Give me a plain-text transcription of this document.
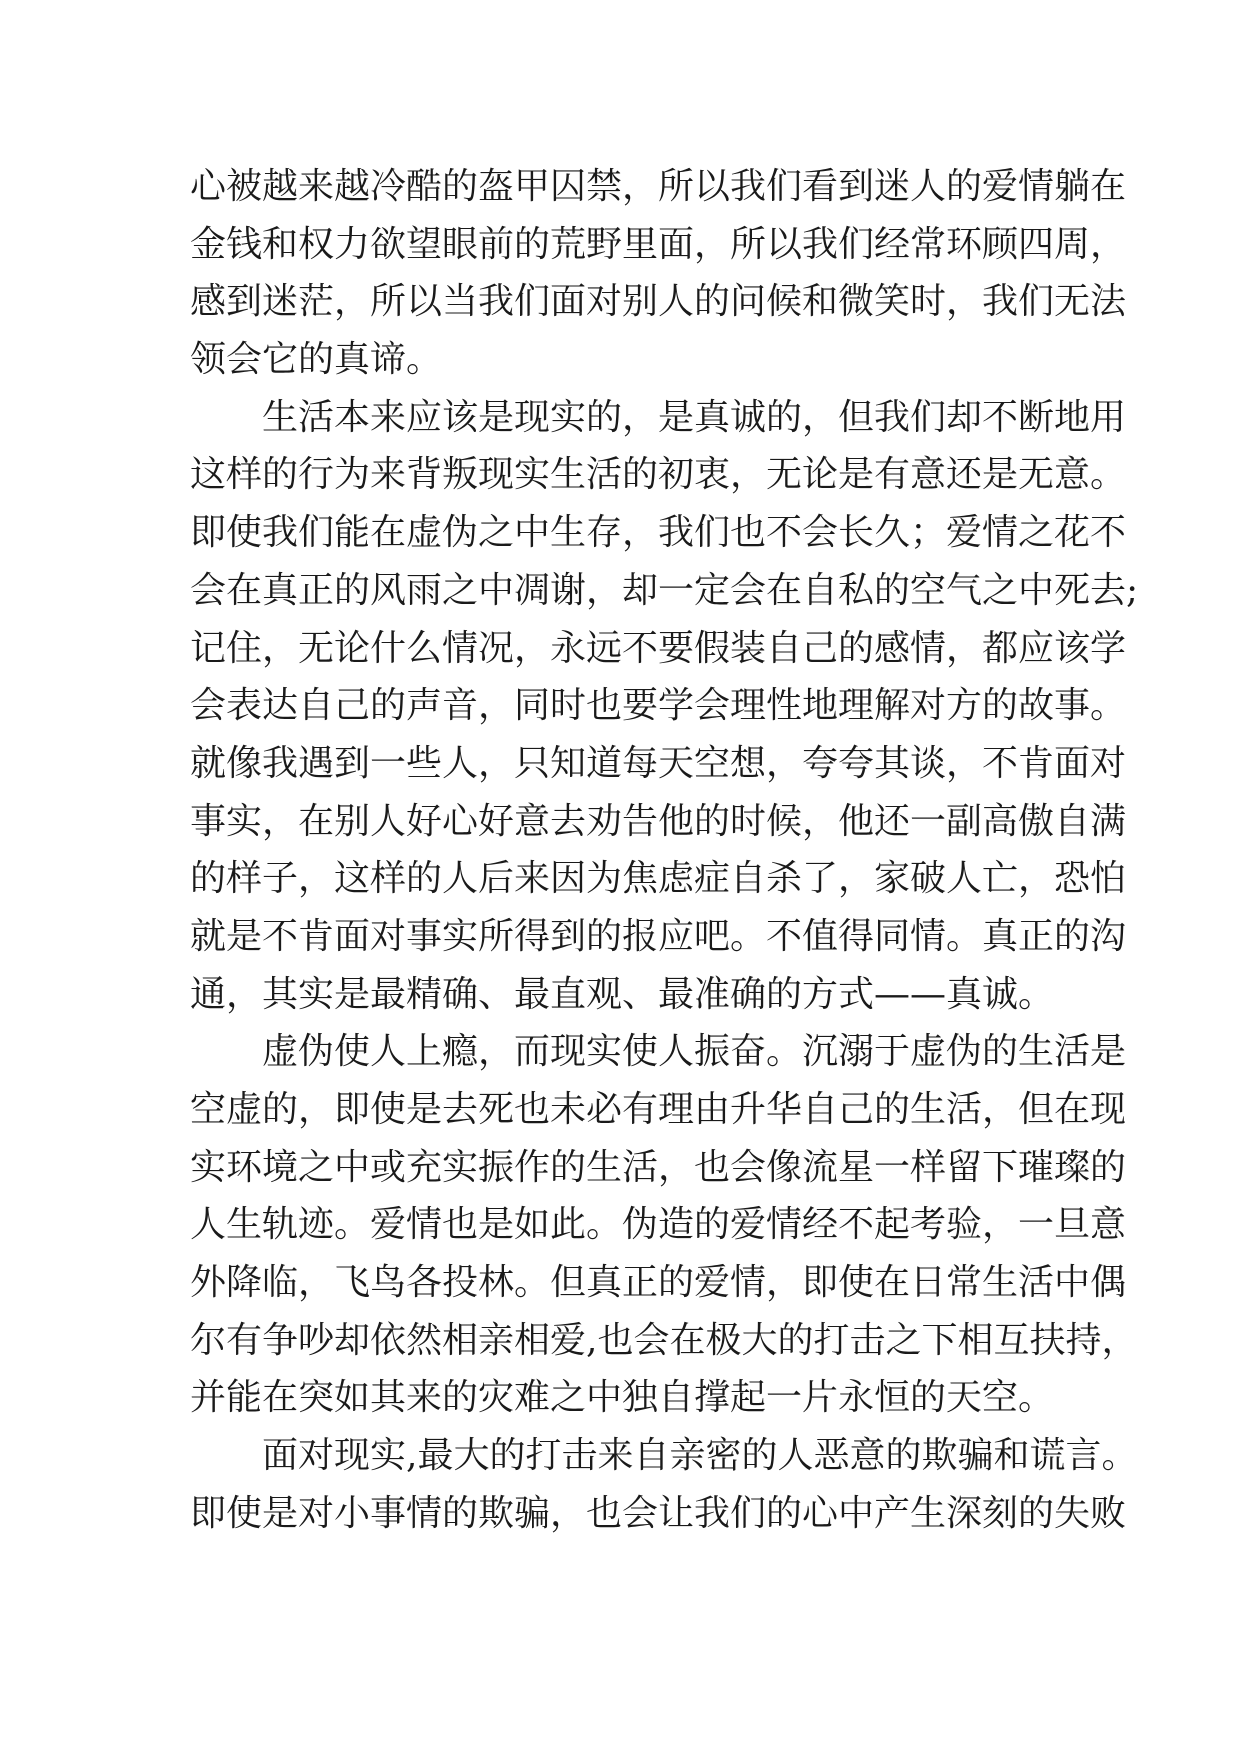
心被越来越冷酷的盔甲囚禁，所以我们看到迷人的爱情躺在
金钱和权力欲望眼前的荒野里面，所以我们经常环顾四周，
感到迷茫，所以当我们面对别人的问候和微笑时，我们无法
领会它的真谛。
生活本来应该是现实的，是真诚的，但我们却不断地用
这样的行为来背叛现实生活的初衷，无论是有意还是无意。
即使我们能在虚伪之中生存，我们也不会长久；爱情之花不
会在真正的风雨之中凋谢，却一定会在自私的空气之中死去;
记住，无论什么情况，永远不要假装自己的感情，都应该学
会表达自己的声音，同时也要学会理性地理解对方的故事。
就像我遇到一些人，只知道每天空想，夸夸其谈，不肯面对
事实，在别人好心好意去劝告他的时候，他还一副高傲自满
的样子，这样的人后来因为焦虑症自杀了，家破人亡，恐怕
就是不肯面对事实所得到的报应吧。不值得同情。真正的沟
通，其实是最精确、最直观、最准确的方式——真诚。
虚伪使人上瘾，而现实使人振奋。沉溺于虚伪的生活是
空虚的，即使是去死也未必有理由升华自己的生活，但在现
实环境之中或充实振作的生活，也会像流星一样留下璀璨的
人生轨迹。爱情也是如此。伪造的爱情经不起考验，一旦意
外降临，飞鸟各投林。但真正的爱情，即使在日常生活中偶
尔有争吵却依然相亲相爱,也会在极大的打击之下相互扶持，
并能在突如其来的灾难之中独自撑起一片永恒的天空。
面对现实,最大的打击来自亲密的人恶意的欺骗和谎言。
即使是对小事情的欺骗，也会让我们的心中产生深刻的失败
